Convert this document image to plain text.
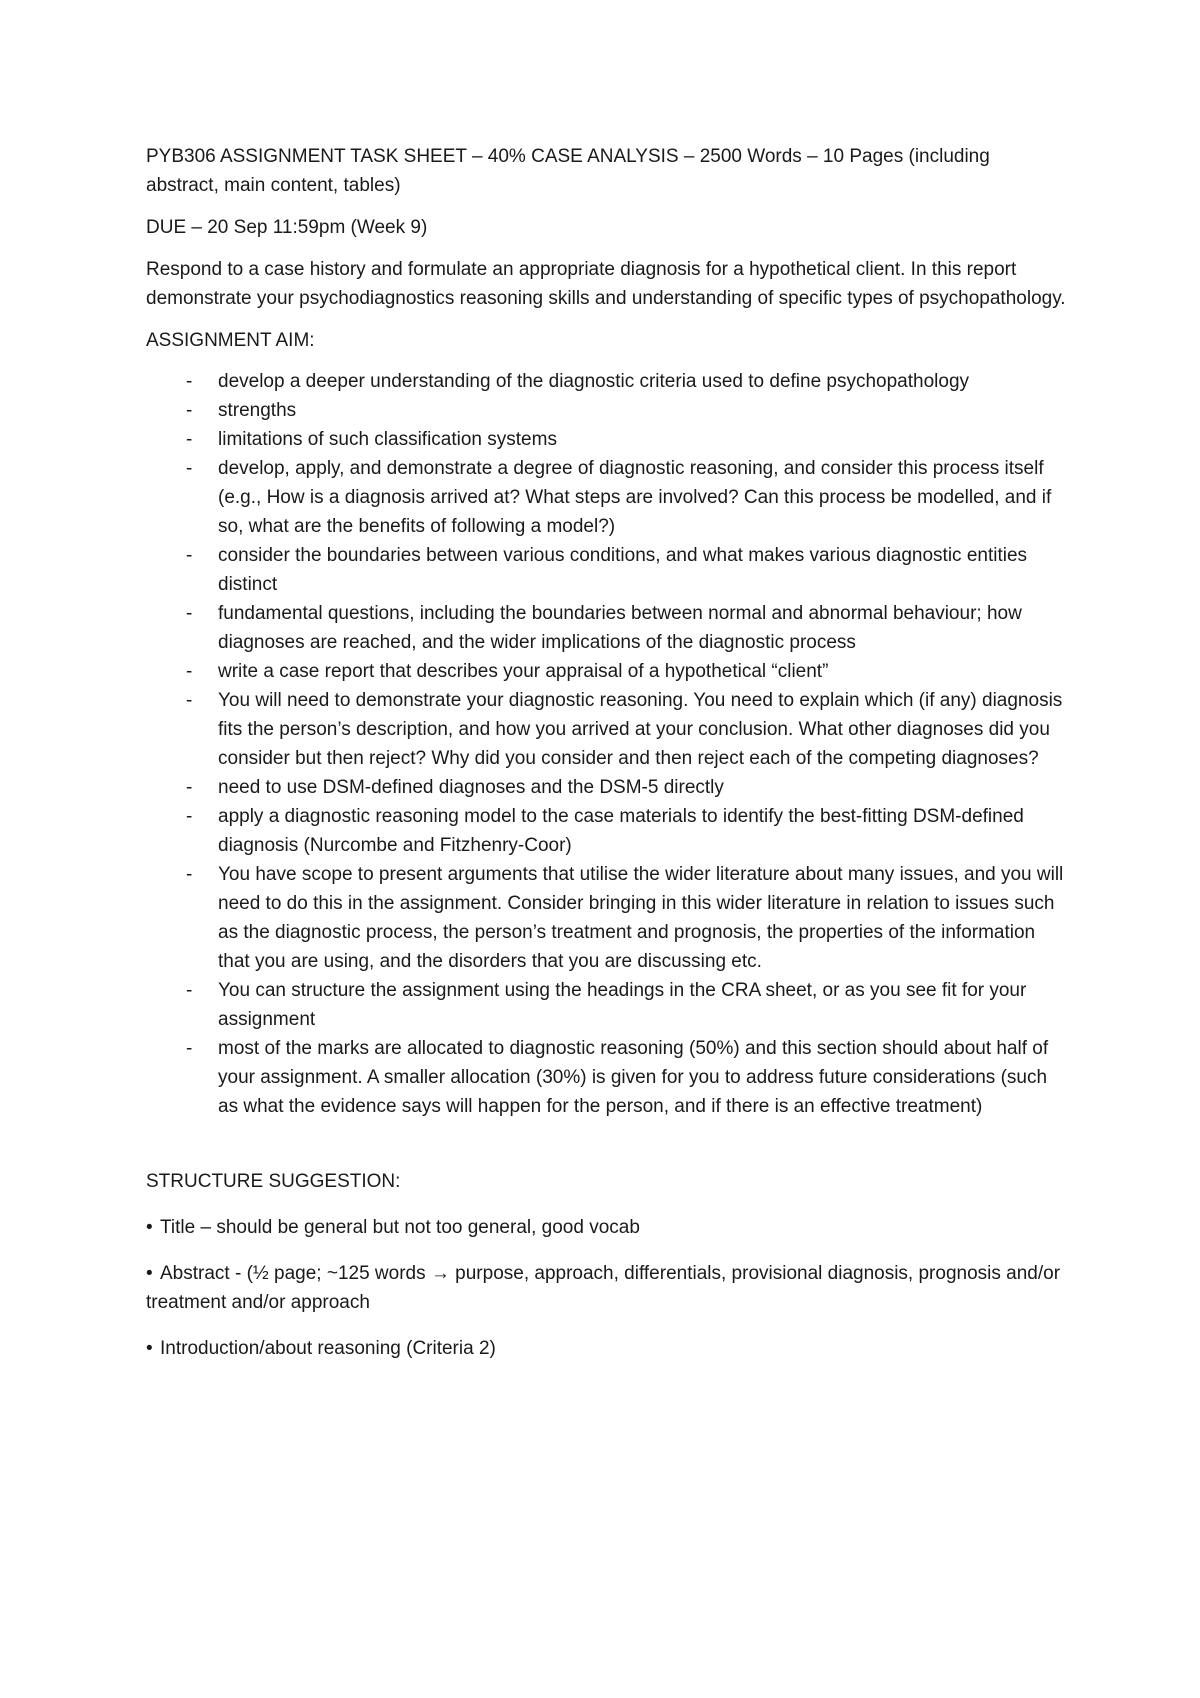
PYB306 ASSIGNMENT TASK SHEET – 40% CASE ANALYSIS – 2500 Words – 10 Pages (including abstract, main content, tables)

DUE – 20 Sep 11:59pm (Week 9)

Respond to a case history and formulate an appropriate diagnosis for a hypothetical client. In this report demonstrate your psychodiagnostics reasoning skills and understanding of specific types of psychopathology.

ASSIGNMENT AIM:

- develop a deeper understanding of the diagnostic criteria used to define psychopathology
- strengths
- limitations of such classification systems
- develop, apply, and demonstrate a degree of diagnostic reasoning, and consider this process itself (e.g., How is a diagnosis arrived at? What steps are involved? Can this process be modelled, and if so, what are the benefits of following a model?)
- consider the boundaries between various conditions, and what makes various diagnostic entities distinct
- fundamental questions, including the boundaries between normal and abnormal behaviour; how diagnoses are reached, and the wider implications of the diagnostic process
- write a case report that describes your appraisal of a hypothetical “client”
- You will need to demonstrate your diagnostic reasoning. You need to explain which (if any) diagnosis fits the person’s description, and how you arrived at your conclusion. What other diagnoses did you consider but then reject? Why did you consider and then reject each of the competing diagnoses?
- need to use DSM-defined diagnoses and the DSM-5 directly
- apply a diagnostic reasoning model to the case materials to identify the best-fitting DSM-defined diagnosis (Nurcombe and Fitzhenry-Coor)
- You have scope to present arguments that utilise the wider literature about many issues, and you will need to do this in the assignment. Consider bringing in this wider literature in relation to issues such as the diagnostic process, the person’s treatment and prognosis, the properties of the information that you are using, and the disorders that you are discussing etc.
- You can structure the assignment using the headings in the CRA sheet, or as you see fit for your assignment
- most of the marks are allocated to diagnostic reasoning (50%) and this section should about half of your assignment. A smaller allocation (30%) is given for you to address future considerations (such as what the evidence says will happen for the person, and if there is an effective treatment)

STRUCTURE SUGGESTION:

• Title – should be general but not too general, good vocab

• Abstract - (½ page; ~125 words → purpose, approach, differentials, provisional diagnosis, prognosis and/or treatment and/or approach

• Introduction/about reasoning (Criteria 2)
